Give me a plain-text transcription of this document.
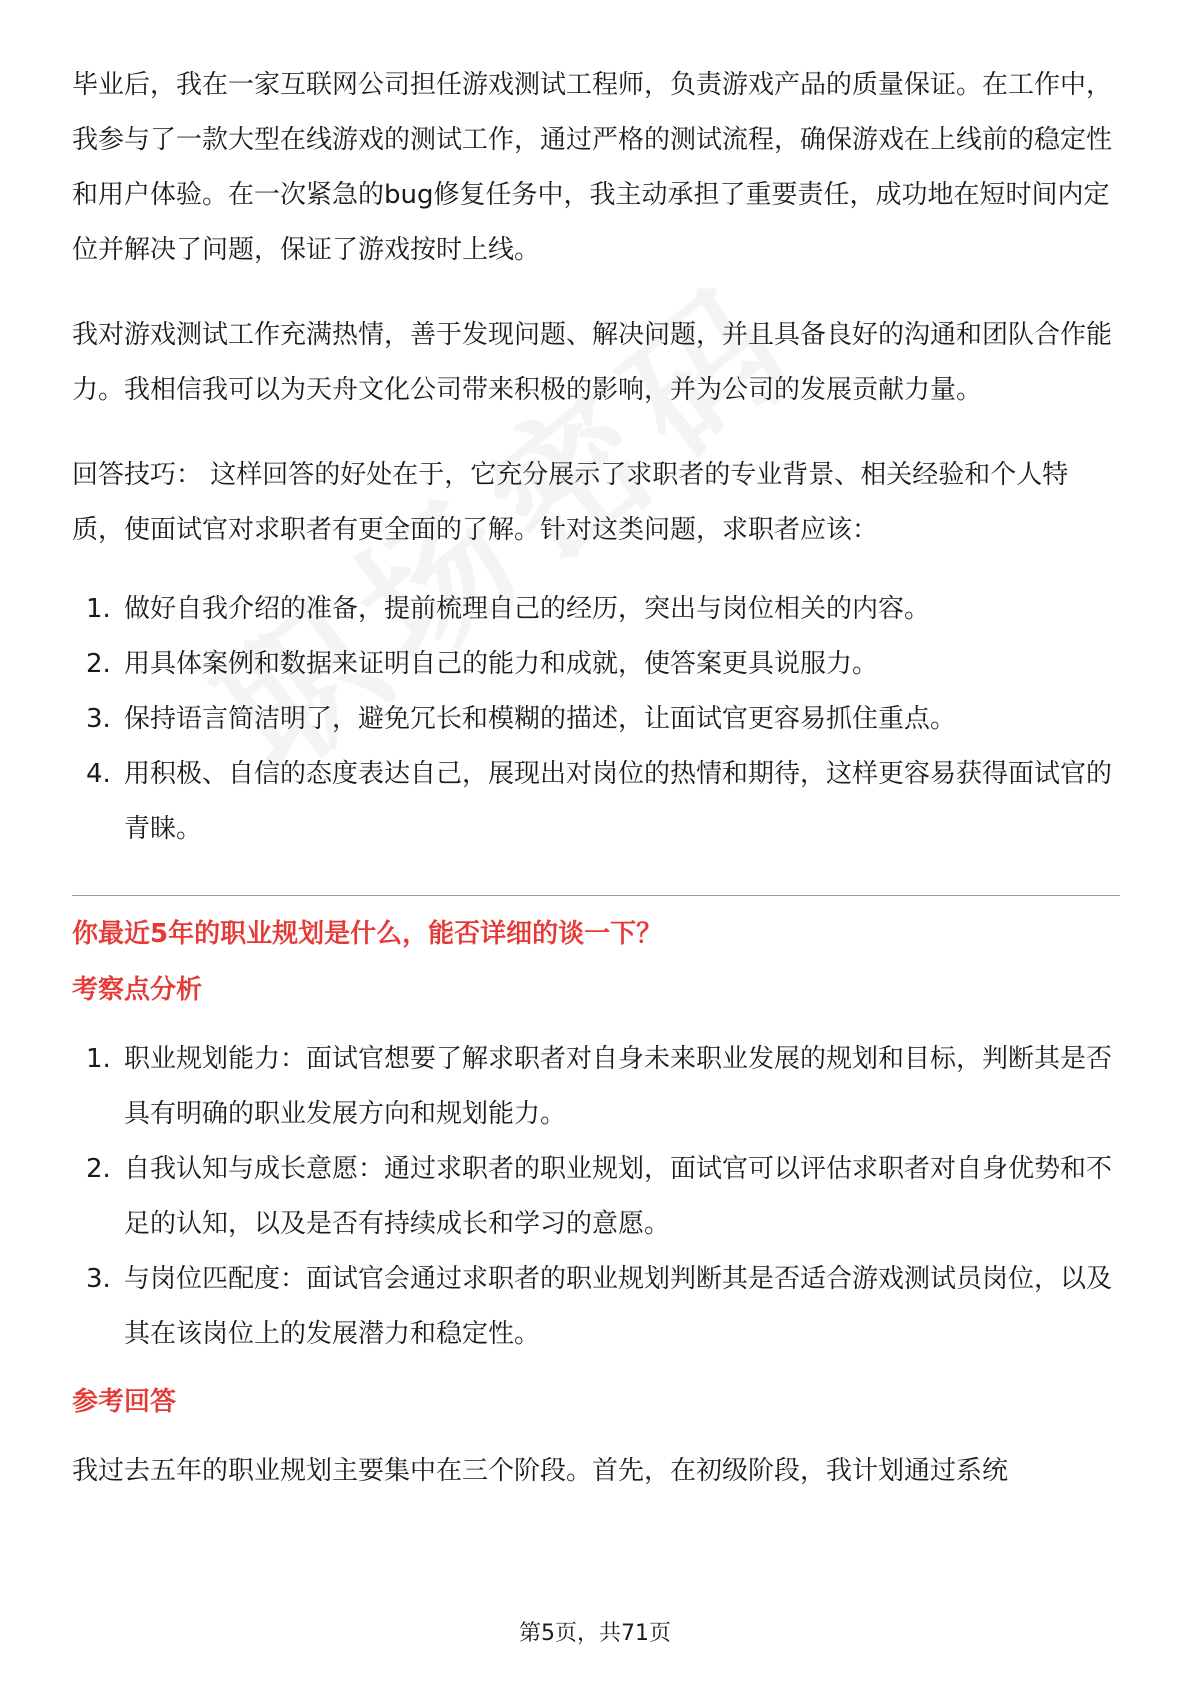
毕业后，我在一家互联网公司担任游戏测试工程师，负责游戏产品的质量保证。在工作中，我参与了一款大型在线游戏的测试工作，通过严格的测试流程，确保游戏在上线前的稳定性和用户体验。在一次紧急的bug修复任务中，我主动承担了重要责任，成功地在短时间内定位并解决了问题，保证了游戏按时上线。

我对游戏测试工作充满热情，善于发现问题、解决问题，并且具备良好的沟通和团队合作能力。我相信我可以为天舟文化公司带来积极的影响，并为公司的发展贡献力量。

回答技巧： 这样回答的好处在于，它充分展示了求职者的专业背景、相关经验和个人特质，使面试官对求职者有更全面的了解。针对这类问题，求职者应该：

1. 做好自我介绍的准备，提前梳理自己的经历，突出与岗位相关的内容。
2. 用具体案例和数据来证明自己的能力和成就，使答案更具说服力。
3. 保持语言简洁明了，避免冗长和模糊的描述，让面试官更容易抓住重点。
4. 用积极、自信的态度表达自己，展现出对岗位的热情和期待，这样更容易获得面试官的青睐。
你最近5年的职业规划是什么，能否详细的谈一下？
考察点分析
1. 职业规划能力：面试官想要了解求职者对自身未来职业发展的规划和目标，判断其是否具有明确的职业发展方向和规划能力。
2. 自我认知与成长意愿：通过求职者的职业规划，面试官可以评估求职者对自身优势和不足的认知，以及是否有持续成长和学习的意愿。
3. 与岗位匹配度：面试官会通过求职者的职业规划判断其是否适合游戏测试员岗位，以及其在该岗位上的发展潜力和稳定性。
参考回答

我过去五年的职业规划主要集中在三个阶段。首先，在初级阶段，我计划通过系统

第5页，共71页
